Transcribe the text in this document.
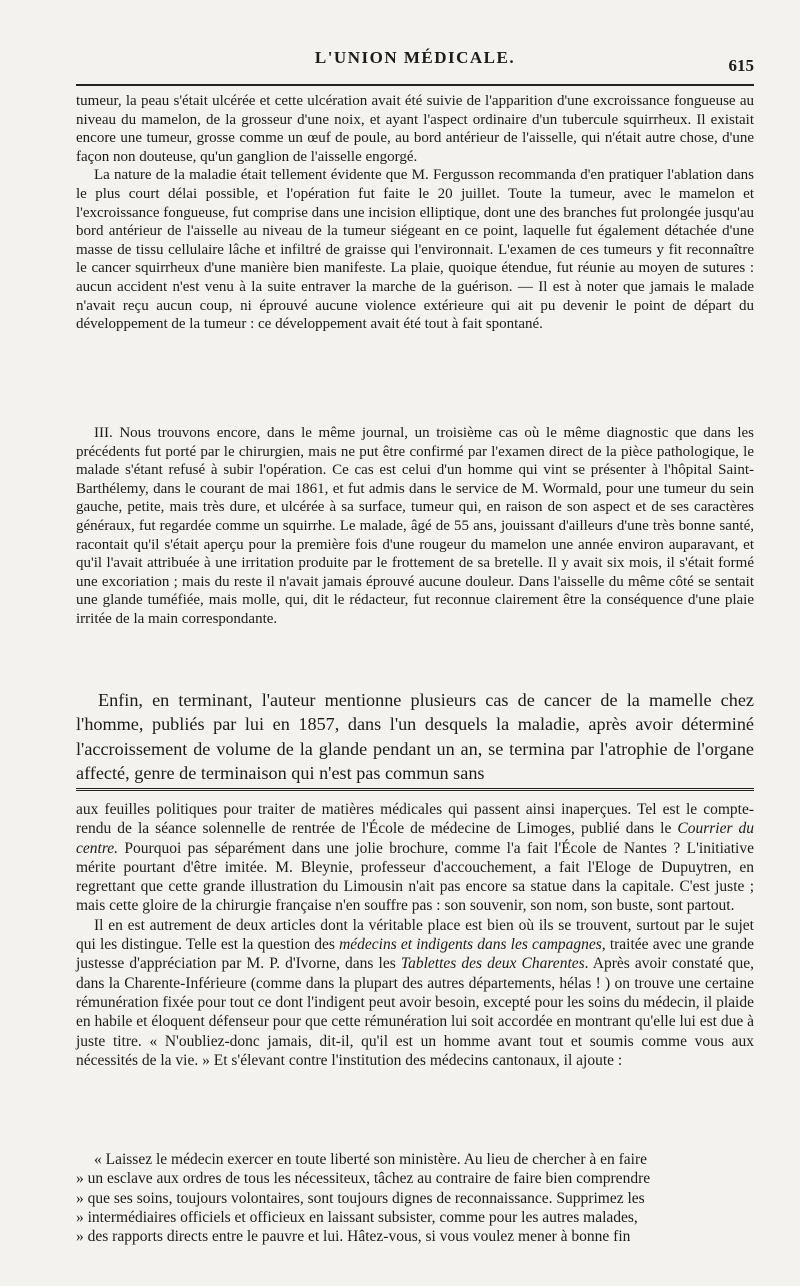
L'UNION MÉDICALE.	615

tumeur, la peau s'était ulcérée et cette ulcération avait été suivie de l'apparition d'une excroissance fongueuse au niveau du mamelon, de la grosseur d'une noix, et ayant l'aspect ordinaire d'un tubercule squirrheux. Il existait encore une tumeur, grosse comme un œuf de poule, au bord antérieur de l'aisselle, qui n'était autre chose, d'une façon non douteuse, qu'un ganglion de l'aisselle engorgé.

La nature de la maladie était tellement évidente que M. Fergusson recommanda d'en pratiquer l'ablation dans le plus court délai possible, et l'opération fut faite le 20 juillet. Toute la tumeur, avec le mamelon et l'excroissance fongueuse, fut comprise dans une incision elliptique, dont une des branches fut prolongée jusqu'au bord antérieur de l'aisselle au niveau de la tumeur siégeant en ce point, laquelle fut également détachée d'une masse de tissu cellulaire lâche et infiltré de graisse qui l'environnait. L'examen de ces tumeurs y fit reconnaître le cancer squirrheux d'une manière bien manifeste. La plaie, quoique étendue, fut réunie au moyen de sutures : aucun accident n'est venu à la suite entraver la marche de la guérison. — Il est à noter que jamais le malade n'avait reçu aucun coup, ni éprouvé aucune violence extérieure qui ait pu devenir le point de départ du développement de la tumeur : ce développement avait été tout à fait spontané.

III. Nous trouvons encore, dans le même journal, un troisième cas où le même diagnostic que dans les précédents fut porté par le chirurgien, mais ne put être confirmé par l'examen direct de la pièce pathologique, le malade s'étant refusé à subir l'opération. Ce cas est celui d'un homme qui vint se présenter à l'hôpital Saint-Barthélemy, dans le courant de mai 1861, et fut admis dans le service de M. Wormald, pour une tumeur du sein gauche, petite, mais très dure, et ulcérée à sa surface, tumeur qui, en raison de son aspect et de ses caractères généraux, fut regardée comme un squirrhe. Le malade, âgé de 55 ans, jouissant d'ailleurs d'une très bonne santé, racontait qu'il s'était aperçu pour la première fois d'une rougeur du mamelon une année environ auparavant, et qu'il l'avait attribuée à une irritation produite par le frottement de sa bretelle. Il y avait six mois, il s'était formé une excoriation ; mais du reste il n'avait jamais éprouvé aucune douleur. Dans l'aisselle du même côté se sentait une glande tuméfiée, mais molle, qui, dit le rédacteur, fut reconnue clairement être la conséquence d'une plaie irritée de la main correspondante.

Enfin, en terminant, l'auteur mentionne plusieurs cas de cancer de la mamelle chez l'homme, publiés par lui en 1857, dans l'un desquels la maladie, après avoir déterminé l'accroissement de volume de la glande pendant un an, se termina par l'atrophie de l'organe affecté, genre de terminaison qui n'est pas commun sans

aux feuilles politiques pour traiter de matières médicales qui passent ainsi inaperçues. Tel est le compte-rendu de la séance solennelle de rentrée de l'École de médecine de Limoges, publié dans le Courrier du centre. Pourquoi pas séparément dans une jolie brochure, comme l'a fait l'École de Nantes ? L'initiative mérite pourtant d'être imitée. M. Bleynie, professeur d'accouchement, a fait l'Eloge de Dupuytren, en regrettant que cette grande illustration du Limousin n'ait pas encore sa statue dans la capitale. C'est juste ; mais cette gloire de la chirurgie française n'en souffre pas : son souvenir, son nom, son buste, sont partout.

Il en est autrement de deux articles dont la véritable place est bien où ils se trouvent, surtout par le sujet qui les distingue. Telle est la question des médecins et indigents dans les campagnes, traitée avec une grande justesse d'appréciation par M. P. d'Ivorne, dans les Tablettes des deux Charentes. Après avoir constaté que, dans la Charente-Inférieure (comme dans la plupart des autres départements, hélas ! ) on trouve une certaine rémunération fixée pour tout ce dont l'indigent peut avoir besoin, excepté pour les soins du médecin, il plaide en habile et éloquent défenseur pour que cette rémunération lui soit accordée en montrant qu'elle lui est due à juste titre. « N'oubliez-donc jamais, dit-il, qu'il est un homme avant tout et soumis comme vous aux nécessités de la vie. » Et s'élevant contre l'institution des médecins cantonaux, il ajoute :

« Laissez le médecin exercer en toute liberté son ministère. Au lieu de chercher à en faire
» un esclave aux ordres de tous les nécessiteux, tâchez au contraire de faire bien comprendre
» que ses soins, toujours volontaires, sont toujours dignes de reconnaissance. Supprimez les
» intermédiaires officiels et officieux en laissant subsister, comme pour les autres malades,
» des rapports directs entre le pauvre et lui. Hâtez-vous, si vous voulez mener à bonne fin
